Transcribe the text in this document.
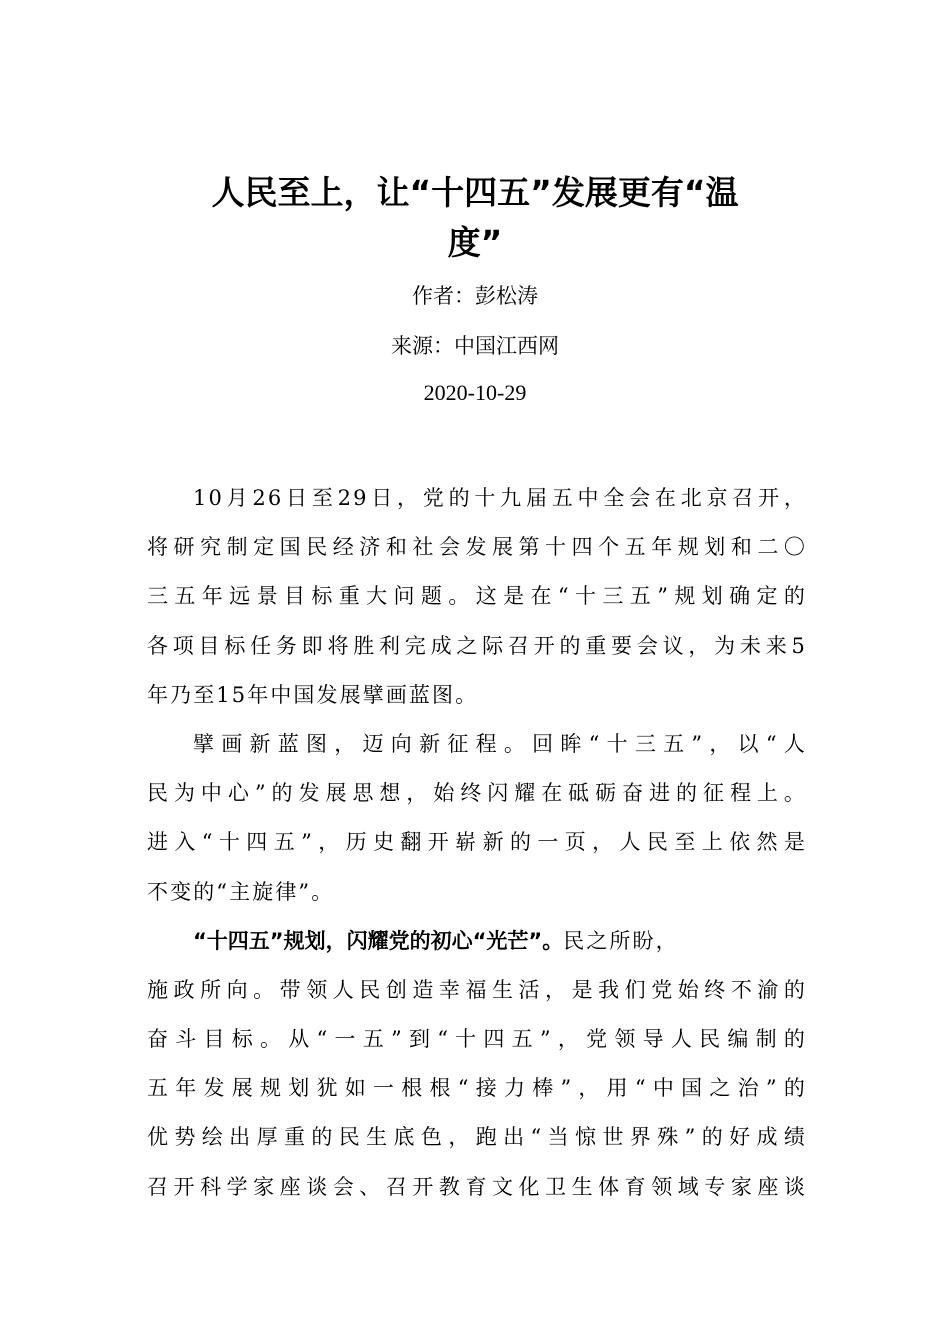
人民至上，让“十四五”发展更有“温
度”
作者：彭松涛
来源：中国江西网
2020-10-29
10月26日至29日，党的十九届五中全会在北京召开，
将研究制定国民经济和社会发展第十四个五年规划和二〇
三五年远景目标重大问题。这是在“十三五”规划确定的
各项目标任务即将胜利完成之际召开的重要会议，为未来5
年乃至15年中国发展擘画蓝图。
擘画新蓝图，迈向新征程。回眸“十三五”，以“人
民为中心”的发展思想，始终闪耀在砥砺奋进的征程上。
进入“十四五”，历史翻开崭新的一页，人民至上依然是
不变的“主旋律”。
“十四五”规划，闪耀党的初心“光芒”。民之所盼，
施政所向。带领人民创造幸福生活，是我们党始终不渝的
奋斗目标。从“一五”到“十四五”，党领导人民编制的
五年发展规划犹如一根根“接力棒”，用“中国之治”的
优势绘出厚重的民生底色，跑出“当惊世界殊”的好成绩
召开科学家座谈会、召开教育文化卫生体育领域专家座谈
